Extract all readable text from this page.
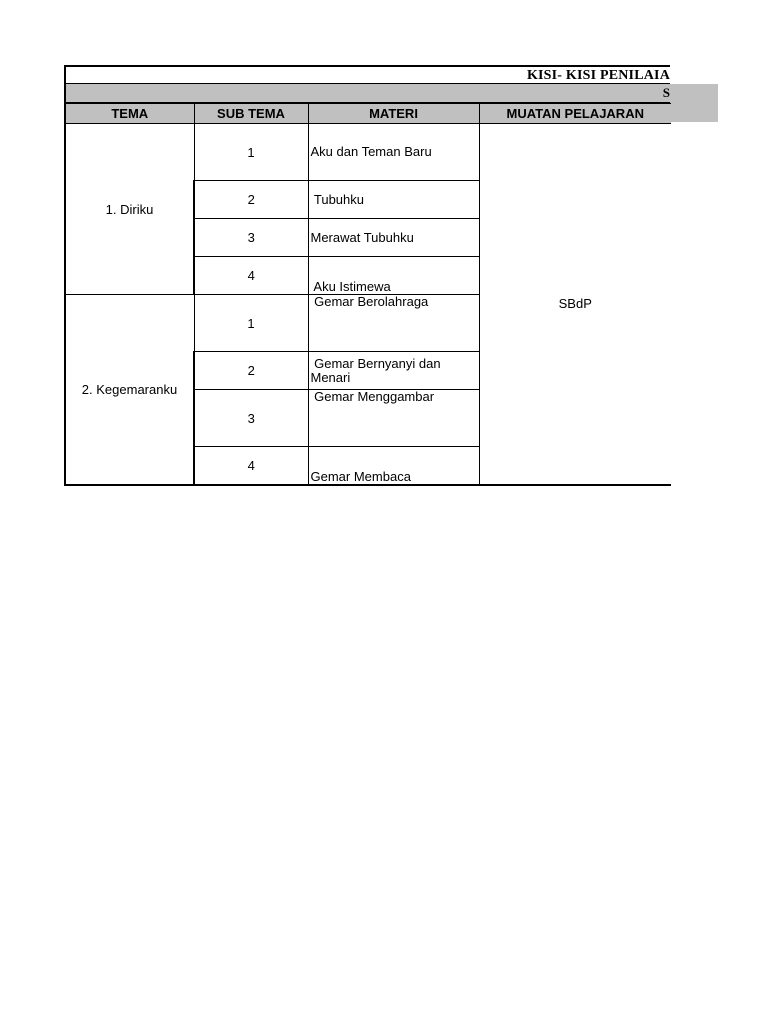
KISI- KISI PENILAIA
S
TEMA	SUB TEMA	MATERI	MUATAN PELAJARAN
1. Diriku	1	Aku dan Teman Baru	SBdP
	2	Tubuhku	
	3	Merawat Tubuhku	
	4	Aku Istimewa	
2. Kegemaranku	1	Gemar Berolahraga	
	2	Gemar Bernyanyi dan Menari	
	3	Gemar Menggambar	
	4	Gemar Membaca	
